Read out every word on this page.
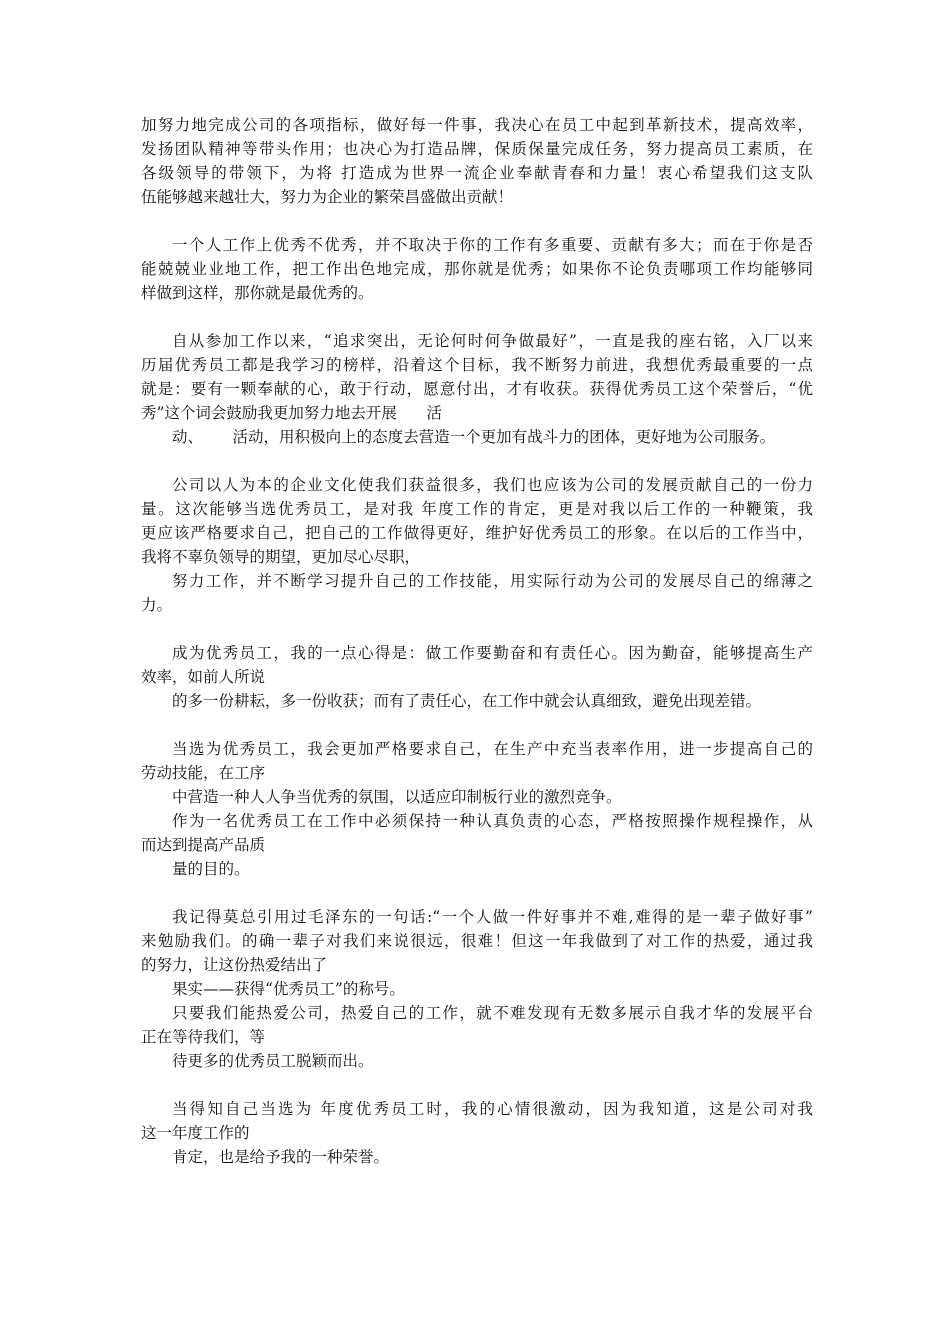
加努力地完成公司的各项指标，做好每一件事，我决心在员工中起到革新技术，提高效率，
发扬团队精神等带头作用；也决心为打造品牌，保质保量完成任务，努力提高员工素质，在
各级领导的带领下，为将 打造成为世界一流企业奉献青春和力量！衷心希望我们这支队
伍能够越来越壮大，努力为企业的繁荣昌盛做出贡献！
一个人工作上优秀不优秀，并不取决于你的工作有多重要、贡献有多大；而在于你是否
能兢兢业业地工作，把工作出色地完成，那你就是优秀；如果你不论负责哪项工作均能够同
样做到这样，那你就是最优秀的。
自从参加工作以来，“追求突出，无论何时何争做最好”，一直是我的座右铭，入厂以来
历届优秀员工都是我学习的榜样，沿着这个目标，我不断努力前进，我想优秀最重要的一点
就是：要有一颗奉献的心，敢于行动，愿意付出，才有收获。获得优秀员工这个荣誉后，“优
秀”这个词会鼓励我更加努力地去开展      活
动、      活动，用积极向上的态度去营造一个更加有战斗力的团体，更好地为公司服务。
公司以人为本的企业文化使我们获益很多，我们也应该为公司的发展贡献自己的一份力
量。这次能够当选优秀员工，是对我 年度工作的肯定，更是对我以后工作的一种鞭策，我
更应该严格要求自己，把自己的工作做得更好，维护好优秀员工的形象。在以后的工作当中，
我将不辜负领导的期望，更加尽心尽职，
努力工作，并不断学习提升自己的工作技能，用实际行动为公司的发展尽自己的绵薄之
力。
成为优秀员工，我的一点心得是：做工作要勤奋和有责任心。因为勤奋，能够提高生产
效率，如前人所说
的多一份耕耘，多一份收获；而有了责任心，在工作中就会认真细致，避免出现差错。
当选为优秀员工，我会更加严格要求自己，在生产中充当表率作用，进一步提高自己的
劳动技能，在工序
中营造一种人人争当优秀的氛围，以适应印制板行业的激烈竞争。
作为一名优秀员工在工作中必须保持一种认真负责的心态，严格按照操作规程操作，从
而达到提高产品质
量的目的。
我记得莫总引用过毛泽东的一句话:“一个人做一件好事并不难,难得的是一辈子做好事”
来勉励我们。的确一辈子对我们来说很远，很难！但这一年我做到了对工作的热爱，通过我
的努力，让这份热爱结出了
果实——获得“优秀员工”的称号。
只要我们能热爱公司，热爱自己的工作，就不难发现有无数多展示自我才华的发展平台
正在等待我们，等
待更多的优秀员工脱颖而出。
当得知自己当选为 年度优秀员工时，我的心情很激动，因为我知道，这是公司对我
这一年度工作的
肯定，也是给予我的一种荣誉。
